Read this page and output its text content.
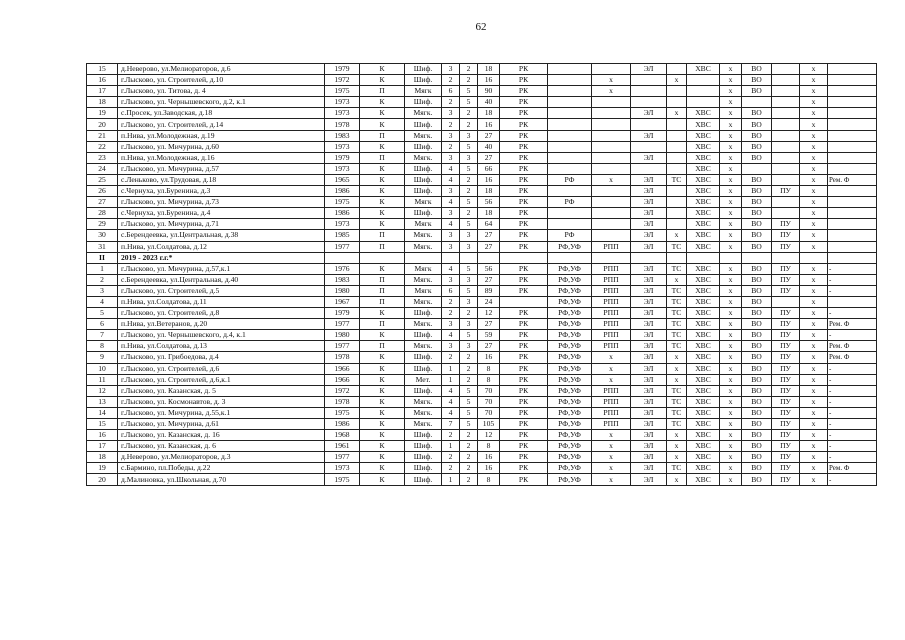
62
15	д.Неверово, ул.Мелиораторов, д.6	1979	К	Шиф.	3	2	18	РК			ЭЛ		ХВС	х	ВО		х	
16	г.Лысково, ул. Строителей, д.10	1972	К	Шиф.	2	2	16	РК		х		х		х	ВО		х	
17	г.Лысково, ул. Титова, д. 4	1975	П	Мягк	6	5	90	РК		х				х	ВО		х	
18	г.Лысково, ул. Чернышевского, д.2, к.1	1973	К	Шиф.	2	5	40	РК						х			х	
19	с.Просек, ул.Заводская, д.18	1973	К	Мягк.	3	2	18	РК			ЭЛ	х	ХВС	х	ВО		х	
20	г.Лысково, ул. Строителей, д.14	1978	К	Шиф.	2	2	16	РК					ХВС	х	ВО		х	
21	п.Нива, ул.Молодежная, д.19	1983	П	Мягк.	3	3	27	РК			ЭЛ		ХВС	х	ВО		х	
22	г.Лысково, ул. Мичурина, д.60	1973	К	Шиф.	2	5	40	РК					ХВС	х	ВО		х	
23	п.Нива, ул.Молодежная, д.16	1979	П	Мягк.	3	3	27	РК			ЭЛ		ХВС	х	ВО		х	
24	г.Лысково, ул. Мичурина, д.57	1973	К	Шиф.	4	5	66	РК					ХВС	х			х	
25	с.Леньково, ул.Трудовая, д.18	1965	К	Шиф.	4	2	16	РК	РФ	х	ЭЛ	ТС	ХВС	х	ВО		х	Рем. Ф
26	с.Чернуха, ул.Буренина, д.3	1986	К	Шиф.	3	2	18	РК			ЭЛ		ХВС	х	ВО	ПУ	х	
27	г.Лысково, ул. Мичурина, д.73	1975	К	Мягк	4	5	56	РК	РФ		ЭЛ		ХВС	х	ВО		х	
28	с.Чернуха, ул.Буренина, д.4	1986	К	Шиф.	3	2	18	РК			ЭЛ		ХВС	х	ВО		х	
29	г.Лысково, ул. Мичурина, д.71	1973	К	Мягк	4	5	64	РК			ЭЛ		ХВС	х	ВО	ПУ	х	
30	с.Берендеевка, ул.Центральная, д.38	1985	П	Мягк.	3	3	27	РК	РФ		ЭЛ	х	ХВС	х	ВО	ПУ	х	
31	п.Нива, ул.Солдатова, д.12	1977	П	Мягк.	3	3	27	РК	РФ,УФ	РПП	ЭЛ	ТС	ХВС	х	ВО	ПУ	х	
II	2019 - 2023 г.г.*																	
1	г.Лысково, ул. Мичурина, д.57,к.1	1976	К	Мягк	4	5	56	РК	РФ,УФ	РПП	ЭЛ	ТС	ХВС	х	ВО	ПУ	х	-
2	с.Берендеевка, ул.Центральная, д.40	1983	П	Мягк.	3	3	27	РК	РФ,УФ	РПП	ЭЛ	х	ХВС	х	ВО	ПУ	х	-
3	г.Лысково, ул. Строителей, д.5	1980	П	Мягк	6	5	89	РК	РФ,УФ	РПП	ЭЛ	ТС	ХВС	х	ВО	ПУ	х	-
4	п.Нива, ул.Солдатова, д.11	1967	П	Мягк.	2	3	24		РФ,УФ	РПП	ЭЛ	ТС	ХВС	х	ВО		х	
5	г.Лысково, ул. Строителей, д.8	1979	К	Шиф.	2	2	12	РК	РФ,УФ	РПП	ЭЛ	ТС	ХВС	х	ВО	ПУ	х	-
6	п.Нива, ул.Ветеранов, д.20	1977	П	Мягк.	3	3	27	РК	РФ,УФ	РПП	ЭЛ	ТС	ХВС	х	ВО	ПУ	х	Рем. Ф
7	г.Лысково, ул. Чернышевского, д.4, к.1	1980	К	Шиф.	4	5	59	РК	РФ,УФ	РПП	ЭЛ	ТС	ХВС	х	ВО	ПУ	х	-
8	п.Нива, ул.Солдатова, д.13	1977	П	Мягк.	3	3	27	РК	РФ,УФ	РПП	ЭЛ	ТС	ХВС	х	ВО	ПУ	х	Рем. Ф
9	г.Лысково, ул. Грибоедова, д.4	1978	К	Шиф.	2	2	16	РК	РФ,УФ	х	ЭЛ	х	ХВС	х	ВО	ПУ	х	Рем. Ф
10	г.Лысково, ул. Строителей, д.6	1966	К	Шиф.	1	2	8	РК	РФ,УФ	х	ЭЛ	х	ХВС	х	ВО	ПУ	х	-
11	г.Лысково, ул. Строителей, д.6,к.1	1966	К	Мет.	1	2	8	РК	РФ,УФ	х	ЭЛ	х	ХВС	х	ВО	ПУ	х	-
12	г.Лысково, ул. Казанская, д. 5	1972	К	Шиф.	4	5	70	РК	РФ,УФ	РПП	ЭЛ	ТС	ХВС	х	ВО	ПУ	х	-
13	г.Лысково, ул. Космонавтов, д. 3	1978	К	Мягк.	4	5	70	РК	РФ,УФ	РПП	ЭЛ	ТС	ХВС	х	ВО	ПУ	х	-
14	г.Лысково, ул. Мичурина, д.55,к.1	1975	К	Мягк.	4	5	70	РК	РФ,УФ	РПП	ЭЛ	ТС	ХВС	х	ВО	ПУ	х	-
15	г.Лысково, ул. Мичурина, д.61	1986	К	Мягк.	7	5	105	РК	РФ,УФ	РПП	ЭЛ	ТС	ХВС	х	ВО	ПУ	х	-
16	г.Лысково, ул. Казанская, д. 16	1968	К	Шиф.	2	2	12	РК	РФ,УФ	х	ЭЛ	х	ХВС	х	ВО	ПУ	х	-
17	г.Лысково, ул. Казанская, д. 6	1961	К	Шиф.	1	2	8	РК	РФ,УФ	х	ЭЛ	х	ХВС	х	ВО	ПУ	х	-
18	д.Неверово, ул.Мелиораторов, д.3	1977	К	Шиф.	2	2	16	РК	РФ,УФ	х	ЭЛ	х	ХВС	х	ВО	ПУ	х	-
19	с.Бармино, пл.Победы, д.22	1973	К	Шиф.	2	2	16	РК	РФ,УФ	х	ЭЛ	ТС	ХВС	х	ВО	ПУ	х	Рем. Ф
20	д.Малиновка, ул.Школьная, д.70	1975	К	Шиф.	1	2	8	РК	РФ,УФ	х	ЭЛ	х	ХВС	х	ВО	ПУ	х	-
